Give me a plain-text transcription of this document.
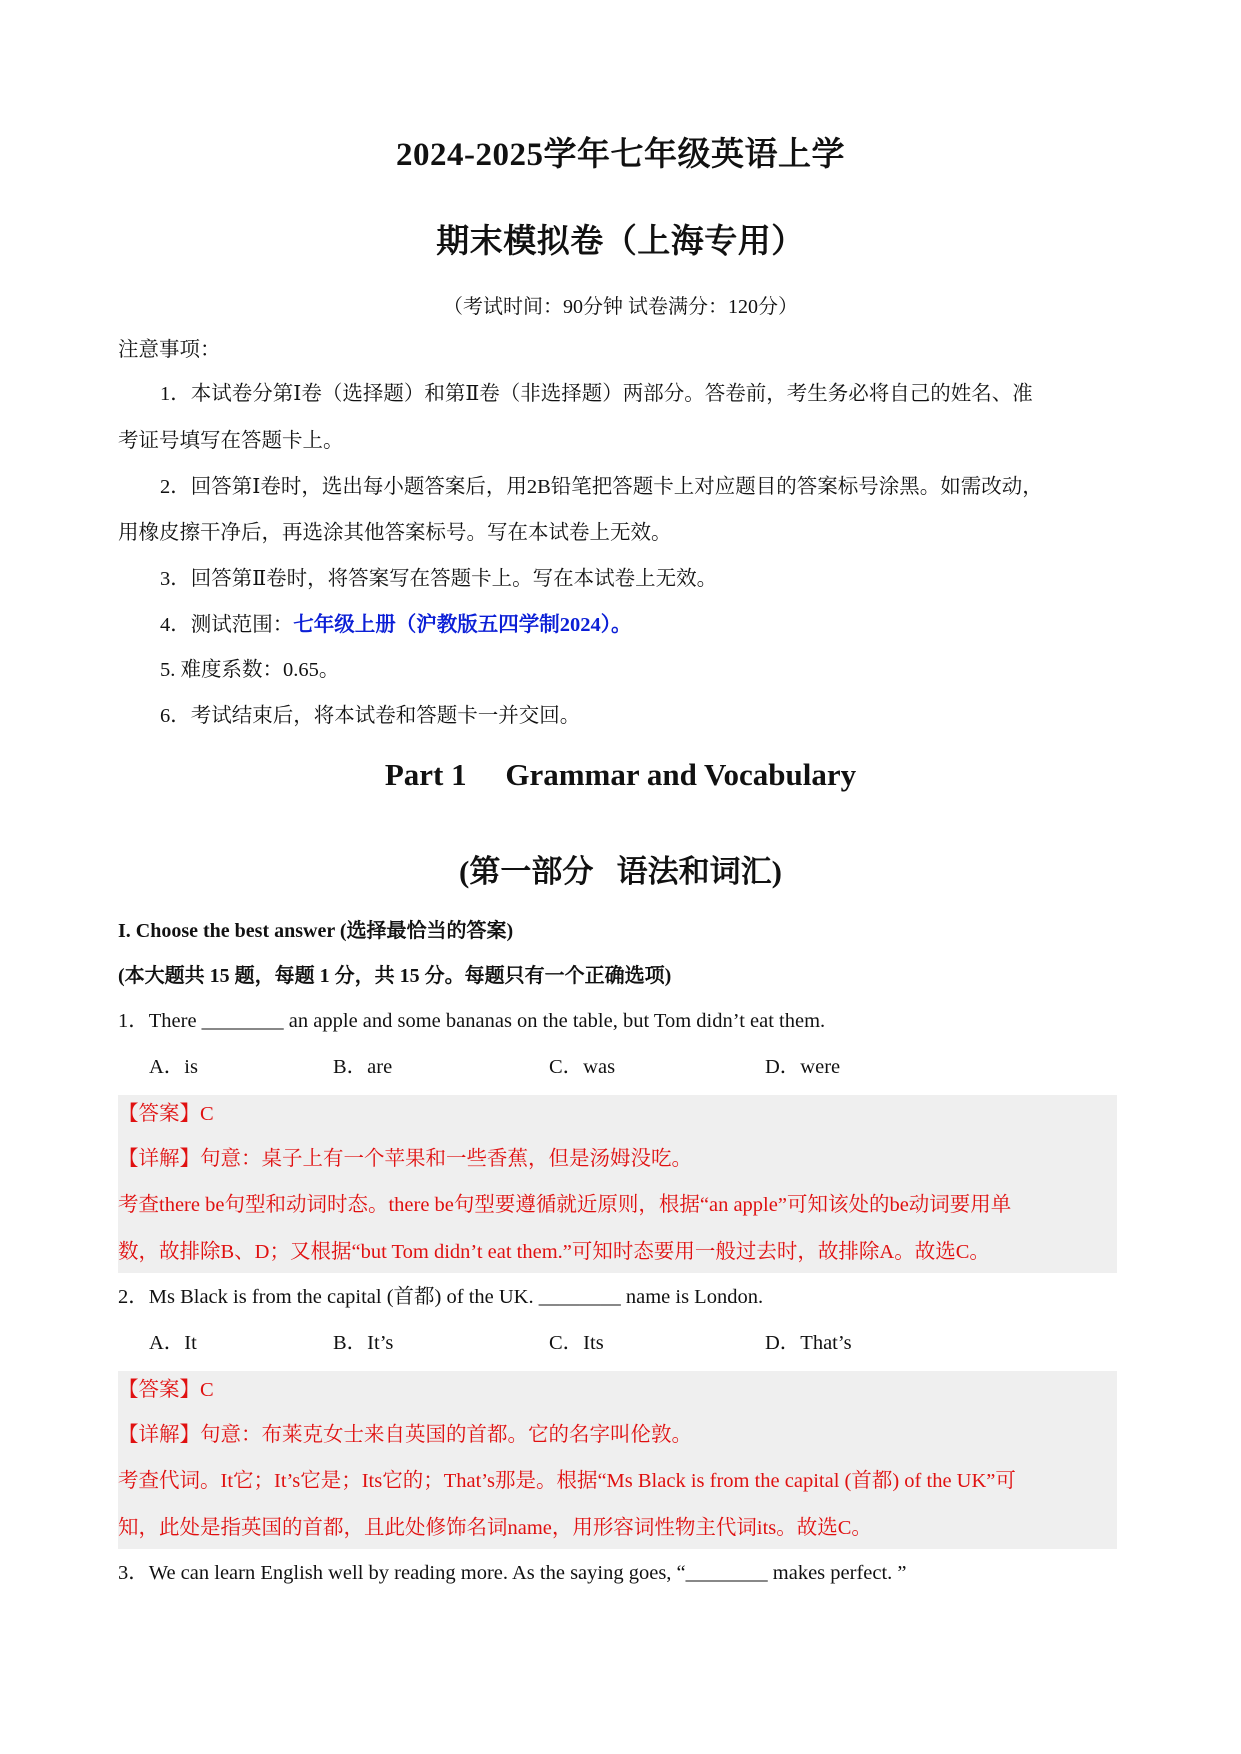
2024-2025学年七年级英语上学
期末模拟卷（上海专用）
（考试时间：90分钟 试卷满分：120分）
注意事项：
1．本试卷分第Ⅰ卷（选择题）和第Ⅱ卷（非选择题）两部分。答卷前，考生务必将自己的姓名、准
考证号填写在答题卡上。
2．回答第Ⅰ卷时，选出每小题答案后，用2B铅笔把答题卡上对应题目的答案标号涂黑。如需改动，
用橡皮擦干净后，再选涂其他答案标号。写在本试卷上无效。
3．回答第Ⅱ卷时，将答案写在答题卡上。写在本试卷上无效。
4．测试范围：七年级上册（沪教版五四学制2024）。
5. 难度系数：0.65。
6．考试结束后，将本试卷和答题卡一并交回。
Part 1     Grammar and Vocabulary
(第一部分   语法和词汇)
I. Choose the best answer (选择最恰当的答案)
(本大题共 15 题，每题 1 分，共 15 分。每题只有一个正确选项)
1．There ________ an apple and some bananas on the table, but Tom didn’t eat them.
A．is	B．are	C．was	D．were
【答案】C
【详解】句意：桌子上有一个苹果和一些香蕉，但是汤姆没吃。
考查there be句型和动词时态。there be句型要遵循就近原则，根据“an apple”可知该处的be动词要用单
数，故排除B、D；又根据“but Tom didn’t eat them.”可知时态要用一般过去时，故排除A。故选C。
2．Ms Black is from the capital (首都) of the UK. ________ name is London.
A．It	B．It’s	C．Its	D．That’s
【答案】C
【详解】句意：布莱克女士来自英国的首都。它的名字叫伦敦。
考查代词。It它；It’s它是；Its它的；That’s那是。根据“Ms Black is from the capital (首都) of the UK”可
知，此处是指英国的首都，且此处修饰名词name，用形容词性物主代词its。故选C。
3．We can learn English well by reading more. As the saying goes, “________ makes perfect. ”
